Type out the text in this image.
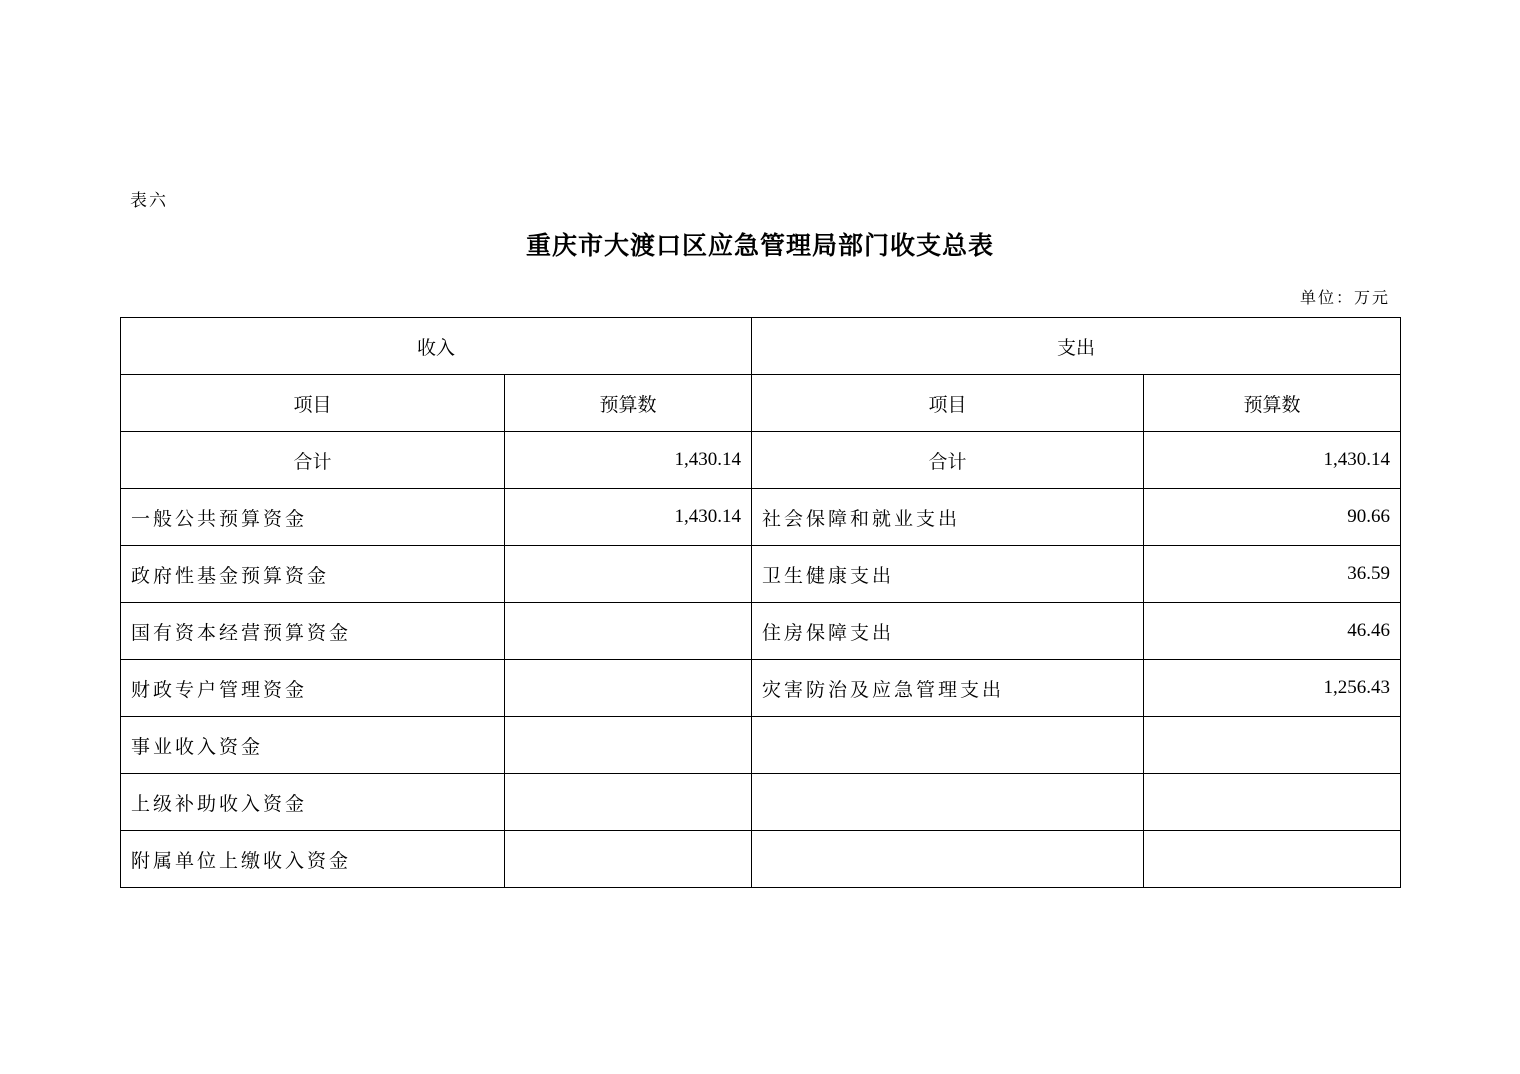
表六
重庆市大渡口区应急管理局部门收支总表
单位：万元
收入		支出	
项目	预算数	项目	预算数
合计	1,430.14	合计	1,430.14
一般公共预算资金	1,430.14	社会保障和就业支出	90.66
政府性基金预算资金		卫生健康支出	36.59
国有资本经营预算资金		住房保障支出	46.46
财政专户管理资金		灾害防治及应急管理支出	1,256.43
事业收入资金			
上级补助收入资金			
附属单位上缴收入资金			
